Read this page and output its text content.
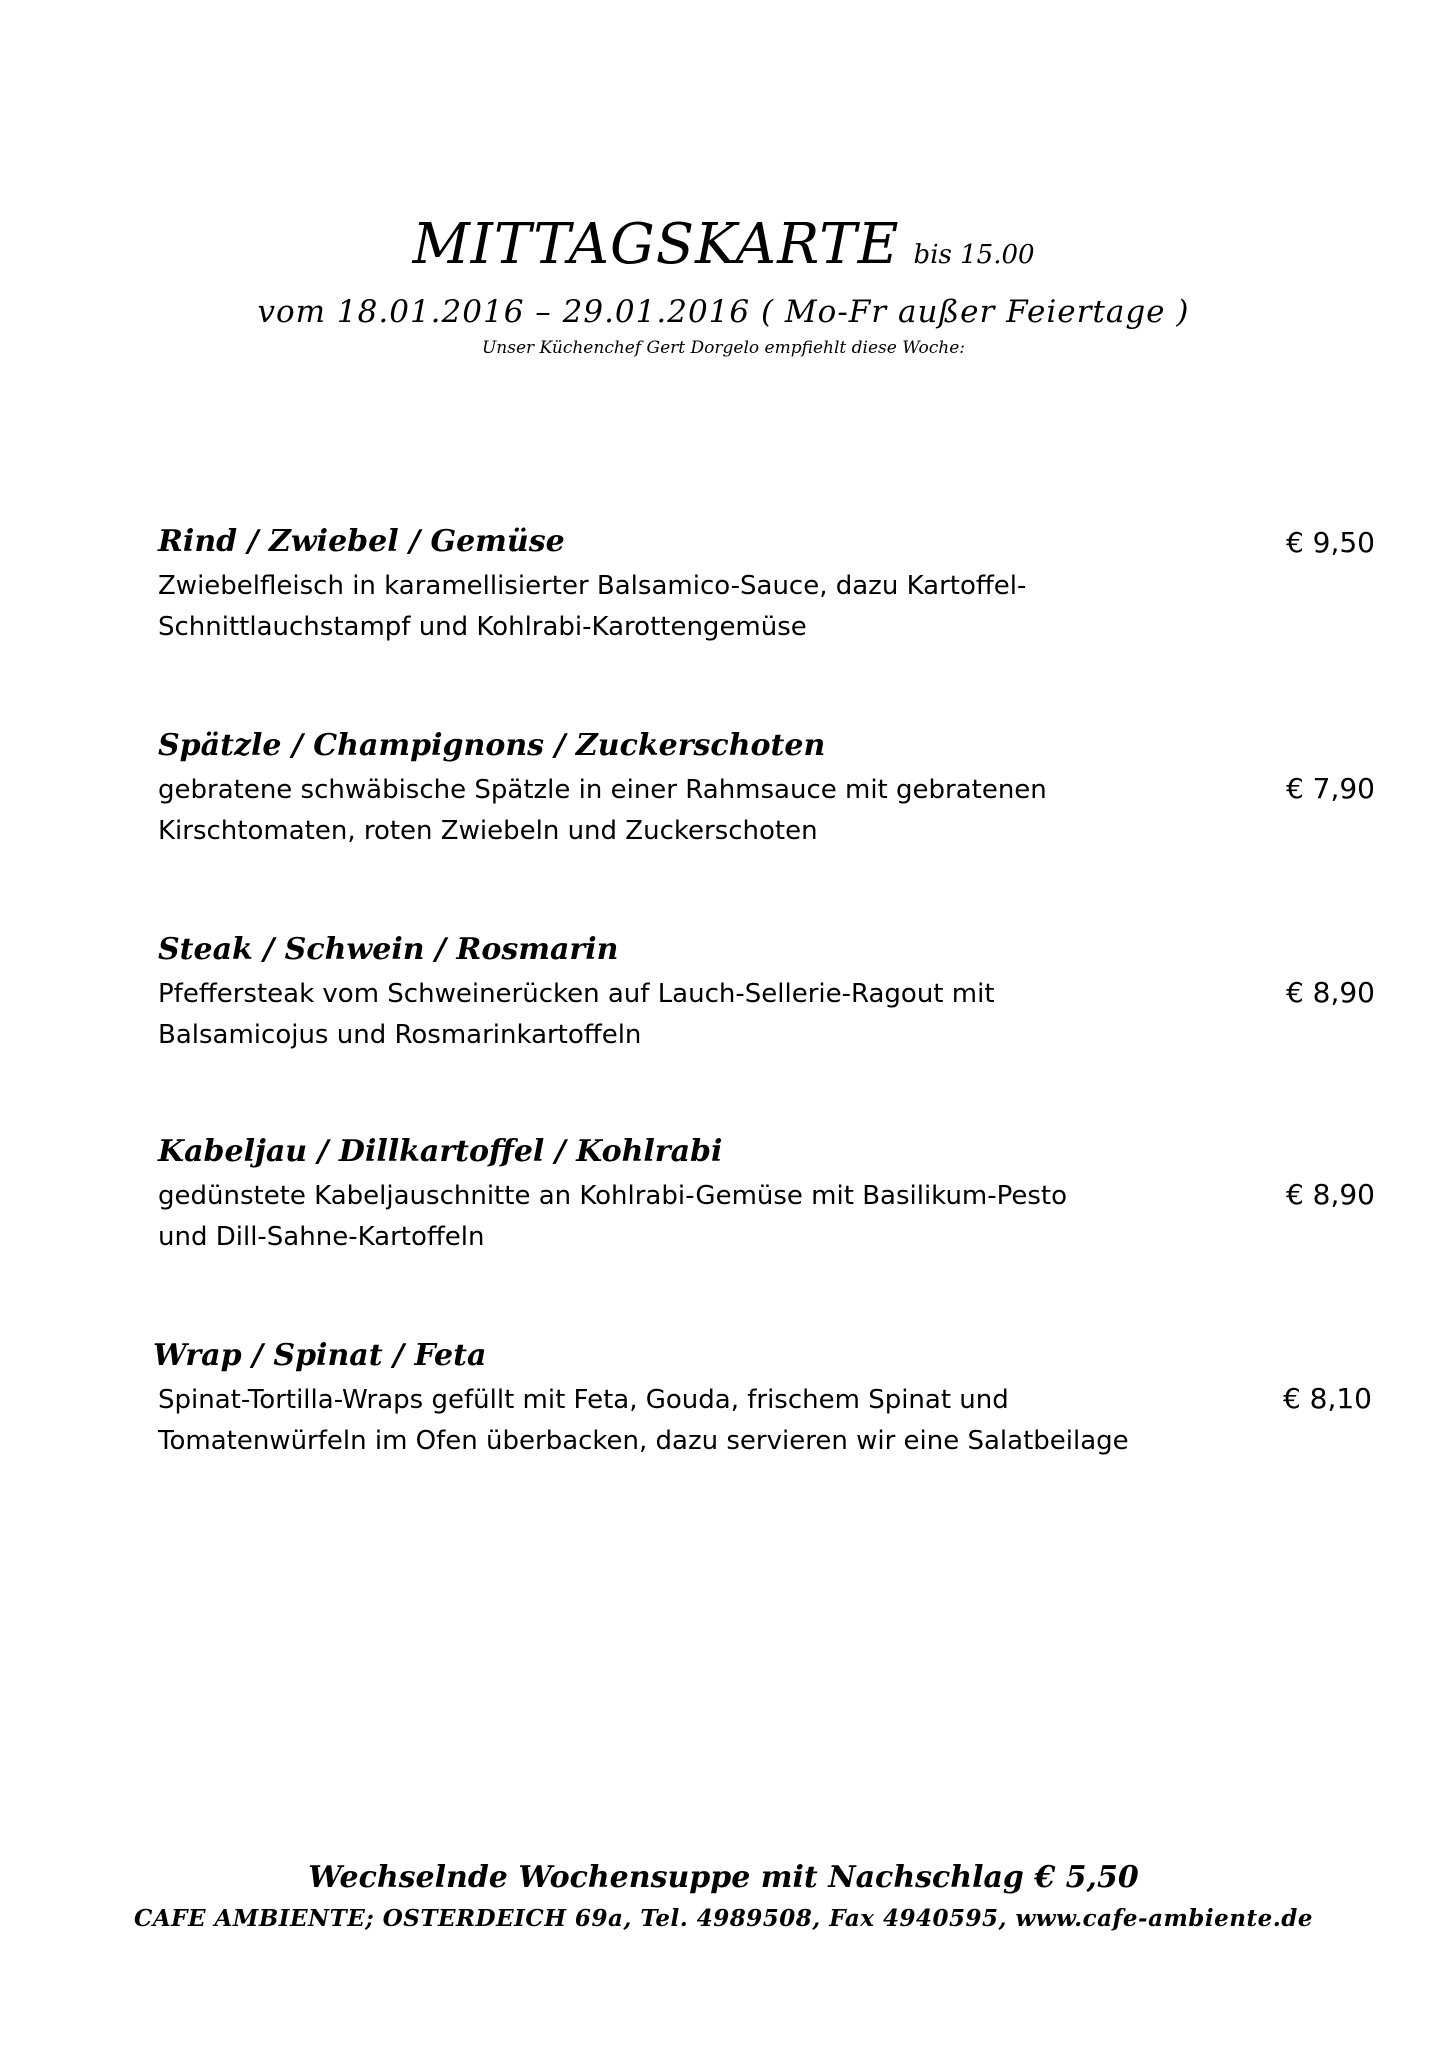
MITTAGSKARTE bis 15.00
vom 18.01.2016 – 29.01.2016 ( Mo-Fr außer Feiertage )
Unser Küchenchef Gert Dorgelo empfiehlt diese Woche:
Rind / Zwiebel / Gemüse	€ 9,50
Zwiebelfleisch in karamellisierter Balsamico-Sauce, dazu Kartoffel-
Schnittlauchstampf und Kohlrabi-Karottengemüse
Spätzle / Champignons / Zuckerschoten
€ 7,90
gebratene schwäbische Spätzle in einer Rahmsauce mit gebratenen
Kirschtomaten, roten Zwiebeln und Zuckerschoten
Steak / Schwein / Rosmarin
€ 8,90
Pfeffersteak vom Schweinerücken auf Lauch-Sellerie-Ragout mit
Balsamicojus und Rosmarinkartoffeln
Kabeljau / Dillkartoffel / Kohlrabi
€ 8,90
gedünstete Kabeljauschnitte an Kohlrabi-Gemüse mit Basilikum-Pesto
und Dill-Sahne-Kartoffeln
Wrap / Spinat / Feta
€ 8,10
Spinat-Tortilla-Wraps gefüllt mit Feta, Gouda, frischem Spinat und
Tomatenwürfeln im Ofen überbacken, dazu servieren wir eine Salatbeilage
Wechselnde Wochensuppe mit Nachschlag € 5,50
CAFE AMBIENTE; OSTERDEICH 69a, Tel. 4989508, Fax 4940595, www.cafe-ambiente.de
